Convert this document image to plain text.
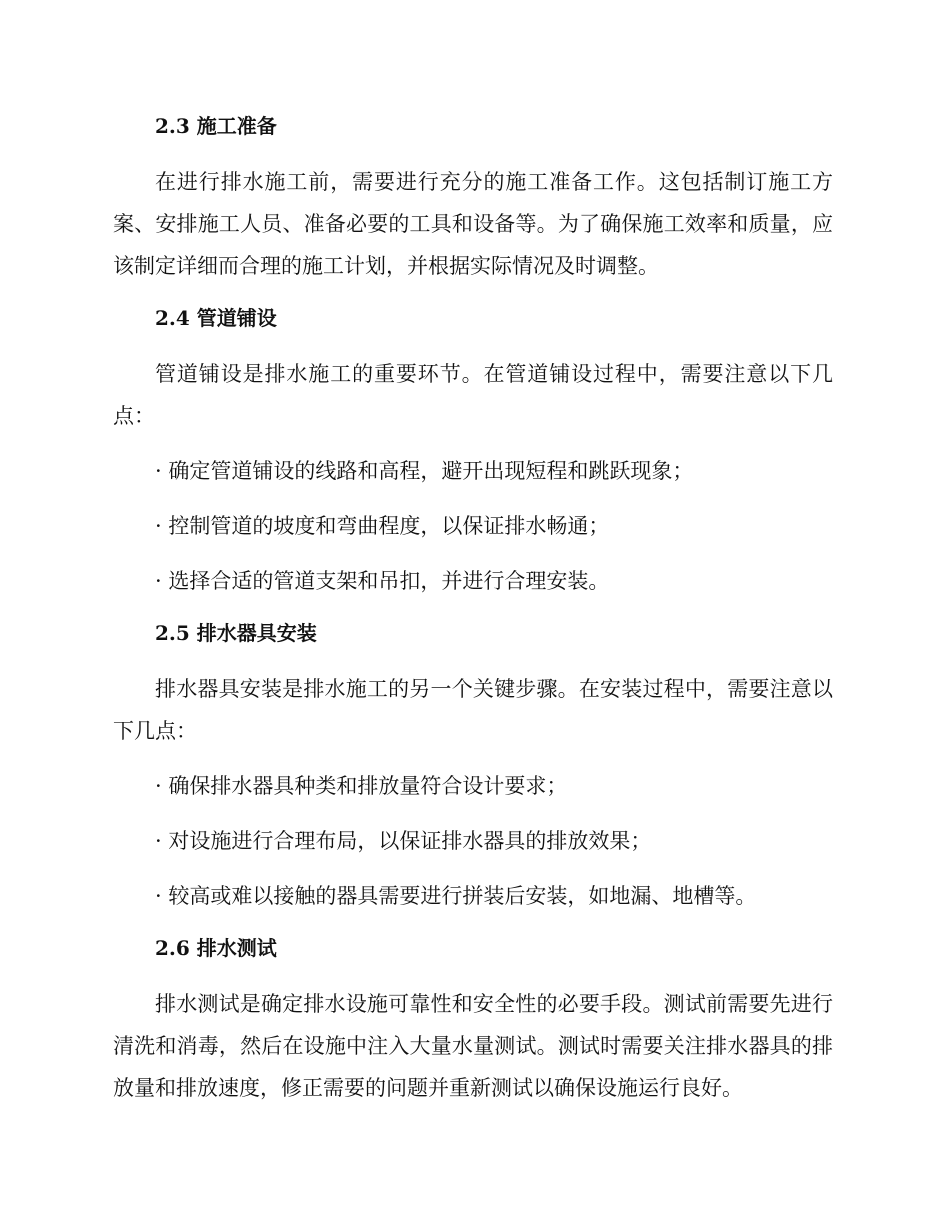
2.3 施工准备
在进行排水施工前，需要进行充分的施工准备工作。这包括制订施工方案、安排施工人员、准备必要的工具和设备等。为了确保施工效率和质量，应该制定详细而合理的施工计划，并根据实际情况及时调整。
2.4 管道铺设
管道铺设是排水施工的重要环节。在管道铺设过程中，需要注意以下几点：
· 确定管道铺设的线路和高程，避开出现短程和跳跃现象；
· 控制管道的坡度和弯曲程度，以保证排水畅通；
· 选择合适的管道支架和吊扣，并进行合理安装。
2.5 排水器具安装
排水器具安装是排水施工的另一个关键步骤。在安装过程中，需要注意以下几点：
· 确保排水器具种类和排放量符合设计要求；
· 对设施进行合理布局，以保证排水器具的排放效果；
· 较高或难以接触的器具需要进行拼装后安装，如地漏、地槽等。
2.6 排水测试
排水测试是确定排水设施可靠性和安全性的必要手段。测试前需要先进行清洗和消毒，然后在设施中注入大量水量测试。测试时需要关注排水器具的排放量和排放速度，修正需要的问题并重新测试以确保设施运行良好。
